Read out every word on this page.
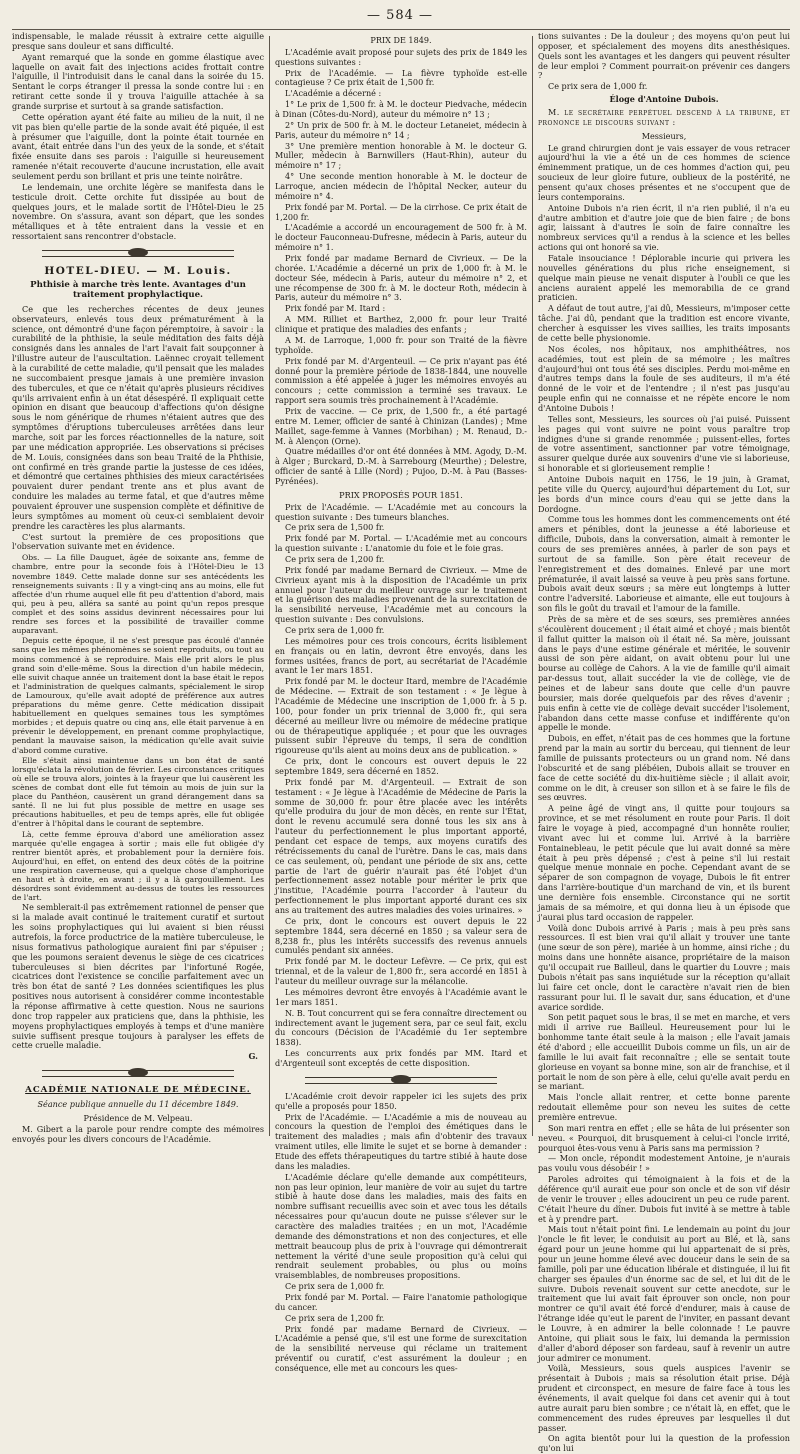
— 584 —

indispensable, le malade réussit à extraire cette aiguille presque sans douleur et sans difficulté.

Ayant remarqué que la sonde en gomme élastique avec laquelle on avait fait des injections acides frottait contre l'aiguille, il l'introduisit dans le canal dans la soirée du 15. Sentant le corps étranger il pressa la sonde contre lui : en retirant cette sonde il y trouva l'aiguille attachée à sa grande surprise et surtout à sa grande satisfaction.

Cette opération ayant été faite au milieu de la nuit, il ne vit pas bien qu'elle partie de la sonde avait été piquée, il est à présumer que l'aiguille, dont la pointe était tournée en avant, était entrée dans l'un des yeux de la sonde, et s'était fixée ensuite dans ses parois : l'aiguille si heureusement ramenée n'était recouverte d'aucune incrustation, elle avait seulement perdu son brillant et pris une teinte noirâtre.

Le lendemain, une orchite légère se manifesta dans le testicule droit. Cette orchite fut dissipée au bout de quelques jours, et le malade sortit de l'Hôtel-Dieu le 25 novembre. On s'assura, avant son départ, que les sondes métalliques et à tête entraient dans la vessie et en ressortaient sans rencontrer d'obstacle.

HOTEL-DIEU. — M. Louis.
Phthisie à marche très lente. Avantages d'un traitement prophylactique.

Ce que les recherches récentes de deux jeunes observateurs, enlevés tous deux prématurément à la science, ont démontré d'une façon péremptoire, à savoir : la curabilité de la phthisie, la seule méditation des faits déjà consignés dans les annales de l'art l'avait fait soupçonner à l'illustre auteur de l'auscultation. Laënnec croyait tellement à la curabilité de cette maladie, qu'il pensait que les malades ne succombaient presque jamais à une première invasion des tubercules, et que ce n'était qu'après plusieurs récidives qu'ils arrivaient enfin à un état désespéré. Il expliquait cette opinion en disant que beaucoup d'affections qu'on désigne sous le nom générique de rhumes n'étaient autres que des symptômes d'éruptions tuberculeuses arrêtées dans leur marche, soit par les forces réactionnelles de la nature, soit par une médication appropriée. Les observations si précises de M. Louis, consignées dans son beau Traité de la Phthisie, ont confirmé en très grande partie la justesse de ces idées, et démontré que certaines phthisies des mieux caractérisées pouvaient durer pendant trente ans et plus avant de conduire les malades au terme fatal, et que d'autres même pouvaient éprouver une suspension complète et définitive de leurs symptômes au moment où ceux-ci semblaient devoir prendre les caractères les plus alarmants.

C'est surtout la première de ces propositions que l'observation suivante met en évidence.

Obs. — La fille Dauguet, âgée de soixante ans, femme de chambre, entre pour la seconde fois à l'Hôtel-Dieu le 13 novembre 1849. Cette malade donne sur ses antécédents les renseignements suivants : Il y a vingt-cinq ans au moins, elle fut affectée d'un rhume auquel elle fit peu d'attention d'abord, mais qui, peu à peu, alléra sa santé au point qu'un repos presque complet et des soins assidus devinrent nécessaires pour lui rendre ses forces et la possibilité de travailler comme auparavant.

Depuis cette époque, il ne s'est presque pas écoulé d'année sans que les mêmes phénomènes se soient reproduits, ou tout au moins commencé à se reproduire. Mais elle prit alors le plus grand soin d'elle-même. Sous la direction d'un habile médecin, elle suivit chaque année un traitement dont la base était le repos et l'administration de quelques calmants, spécialement le sirop de Lamouroux, qu'elle avait adopté de préférence aux autres préparations du même genre. Cette médication dissipait habituellement en quelques semaines tous les symptômes morbides ; et depuis quatre ou cinq ans, elle était parvenue à en prévenir le développement, en prenant comme prophylactique, pendant la mauvaise saison, la médication qu'elle avait suivie d'abord comme curative.

Elle s'était ainsi maintenue dans un bon état de santé lorsqu'éclata la révolution de février. Les circonstances critiques où elle se trouva alors, jointes à la frayeur que lui causèrent les scènes de combat dont elle fut témoin au mois de juin sur la place du Panthéon, causèrent un grand dérangement dans sa santé. Il ne lui fut plus possible de mettre en usage ses précautions habituelles, et peu de temps après, elle fut obligée d'entrer à l'hôpital dans le courant de septembre.

Là, cette femme éprouva d'abord une amélioration assez marquée qu'elle engagea à sortir ; mais elle fut obligée d'y rentrer bientôt après, et probablement pour la dernière fois. Aujourd'hui, en effet, on entend des deux côtés de la poitrine une respiration caverneuse, qui a quelque chose d'amphorique en haut et à droite, en avant ; il y a là gargouillement. Les désordres sont évidemment au-dessus de toutes les ressources de l'art.

Ne semblerait-il pas extrêmement rationnel de penser que si la malade avait continué le traitement curatif et surtout les soins prophylactiques qui lui avaient si bien réussi autrefois, la force productrice de la matière tuberculeuse, le nisus formativus pathologique auraient fini par s'épuiser ; que les poumons seraient devenus le siège de ces cicatrices tuberculeuses si bien décrites par l'infortuné Rogée, cicatrices dont l'existence se concilie parfaitement avec un très bon état de santé ? Les données scientifiques les plus positives nous autorisent à considérer comme incontestable la réponse affirmative à cette question. Nous ne saurions donc trop rappeler aux praticiens que, dans la phthisie, les moyens prophylactiques employés à temps et d'une manière suivie suffisent presque toujours à paralyser les effets de cette cruelle maladie.

G.

ACADÉMIE NATIONALE DE MÉDECINE.
Séance publique annuelle du 11 décembre 1849.
Présidence de M. Velpeau.

M. Gibert a la parole pour rendre compte des mémoires envoyés pour les divers concours de l'Académie.

PRIX DE 1849.

L'Académie avait proposé pour sujets des prix de 1849 les questions suivantes :

Prix de l'Académie. — La fièvre typhoïde est-elle contagieuse ? Ce prix était de 1,500 fr.

L'Académie a décerné :

1° Le prix de 1,500 fr. à M. le docteur Piedvache, médecin à Dinan (Côtes-du-Nord), auteur du mémoire n° 13 ;

2° Un prix de 500 fr. à M. le docteur Letaneiet, médecin à Paris, auteur du mémoire n° 14 ;

3° Une première mention honorable à M. le docteur G. Muller, médecin à Barnwillers (Haut-Rhin), auteur du mémoire n° 17 ;

4° Une seconde mention honorable à M. le docteur de Larroque, ancien médecin de l'hôpital Necker, auteur du mémoire n° 4.

Prix fondé par M. Portal. — De la cirrhose. Ce prix était de 1,200 fr.

L'Académie a accordé un encouragement de 500 fr. à M. le docteur Fauconneau-Dufresne, médecin à Paris, auteur du mémoire n° 1.

Prix fondé par madame Bernard de Civrieux. — De la chorée. L'Académie a décerné un prix de 1,000 fr. à M. le docteur Sée, médecin à Paris, auteur du mémoire n° 2, et une récompense de 300 fr. à M. le docteur Roth, médecin à Paris, auteur du mémoire n° 3.

Prix fondé par M. Itard :

A MM. Rilliet et Barthez, 2,000 fr. pour leur Traité clinique et pratique des maladies des enfants ;

A M. de Larroque, 1,000 fr. pour son Traité de la fièvre typhoïde.

Prix fondé par M. d'Argenteuil. — Ce prix n'ayant pas été donné pour la première période de 1838-1844, une nouvelle commission a été appelée à juger les mémoires envoyés au concours ; cette commission a terminé ses travaux. Le rapport sera soumis très prochainement à l'Académie.

Prix de vaccine. — Ce prix, de 1,500 fr., a été partagé entre M. Lemer, officier de santé à Chinizan (Landes) ; Mme Maillet, sage-femme à Vannes (Morbihan) ; M. Renaud, D.-M. à Alençon (Orne).

Quatre médailles d'or ont été données à MM. Agody, D.-M. à Alger ; Burckard, D.-M. à Sarrebourg (Meurthe) ; Delestre, officier de santé à Lille (Nord) ; Pujoo, D.-M. à Pau (Basses-Pyrénées).

PRIX PROPOSÉS POUR 1851.

Prix de l'Académie. — L'Académie met au concours la question suivante : Des tumeurs blanches.

Ce prix sera de 1,500 fr.

Prix fondé par M. Portal. — L'Académie met au concours la question suivante : L'anatomie du foie et le foie gras.

Ce prix sera de 1,200 fr.

Prix fondé par madame Bernard de Civrieux. — Mme de Civrieux ayant mis à la disposition de l'Académie un prix annuel pour l'auteur du meilleur ouvrage sur le traitement et la guérison des maladies provenant de la surexcitation de la sensibilité nerveuse, l'Académie met au concours la question suivante : Des convulsions.

Ce prix sera de 1,000 fr.

Les mémoires pour ces trois concours, écrits lisiblement en français ou en latin, devront être envoyés, dans les formes usitées, francs de port, au secrétariat de l'Académie avant le 1er mars 1851.

Prix fondé par M. le docteur Itard, membre de l'Académie de Médecine. — Extrait de son testament : « Je lègue à l'Académie de Médecine une inscription de 1,000 fr. à 5 p. 100, pour fonder un prix triennal de 3,000 fr., qui sera décerné au meilleur livre ou mémoire de médecine pratique ou de thérapeutique appliquée ; et pour que les ouvrages puissent subir l'épreuve du temps, il sera de condition rigoureuse qu'ils aient au moins deux ans de publication. »

Ce prix, dont le concours est ouvert depuis le 22 septembre 1849, sera décerné en 1852.

Prix fondé par M. d'Argenteuil. — Extrait de son testament : « Je lègue à l'Académie de Médecine de Paris la somme de 30,000 fr. pour être placée avec les intérêts qu'elle produira du jour de mon décès, en rente sur l'État, dont le revenu accumulé sera donné tous les six ans à l'auteur du perfectionnement le plus important apporté, pendant cet espace de temps, aux moyens curatifs des rétrécissements du canal de l'urètre. Dans le cas, mais dans ce cas seulement, où, pendant une période de six ans, cette partie de l'art de guérir n'aurait pas été l'objet d'un perfectionnement assez notable pour mériter le prix que j'institue, l'Académie pourra l'accorder à l'auteur du perfectionnement le plus important apporté durant ces six ans au traitement des autres maladies des voies urinaires. »

Ce prix, dont le concours est ouvert depuis le 22 septembre 1844, sera décerné en 1850 ; sa valeur sera de 8,238 fr., plus les intérêts successifs des revenus annuels cumulés pendant six années.

Prix fondé par M. le docteur Lefèvre. — Ce prix, qui est triennal, et de la valeur de 1,800 fr., sera accordé en 1851 à l'auteur du meilleur ouvrage sur la mélancolie.

Les mémoires devront être envoyés à l'Académie avant le 1er mars 1851.

N. B. Tout concurrent qui se fera connaître directement ou indirectement avant le jugement sera, par ce seul fait, exclu du concours (Décision de l'Académie du 1er septembre 1838).

Les concurrents aux prix fondés par MM. Itard et d'Argenteuil sont exceptés de cette disposition.

L'Académie croit devoir rappeler ici les sujets des prix qu'elle a proposés pour 1850.

Prix de l'Académie. — L'Académie a mis de nouveau au concours la question de l'emploi des émétiques dans le traitement des maladies ; mais afin d'obtenir des travaux vraiment utiles, elle limite le sujet et se borne à demander : Etude des effets thérapeutiques du tartre stibié à haute dose dans les maladies.

L'Académie déclare qu'elle demande aux compétiteurs, non pas leur opinion, leur manière de voir au sujet du tartre stibié à haute dose dans les maladies, mais des faits en nombre suffisant recueillis avec soin et avec tous les détails nécessaires pour qu'aucun doute ne puisse s'élever sur le caractère des maladies traitées ; en un mot, l'Académie demande des démonstrations et non des conjectures, et elle mettrait beaucoup plus de prix à l'ouvrage qui démontrerait nettement la vérité d'une seule proposition qu'à celui qui rendrait seulement probables, ou plus ou moins vraisemblables, de nombreuses propositions.

Ce prix sera de 1,000 fr.

Prix fondé par M. Portal. — Faire l'anatomie pathologique du cancer.

Ce prix sera de 1,200 fr.

Prix fondé par madame Bernard de Civrieux. — L'Académie a pensé que, s'il est une forme de surexcitation de la sensibilité nerveuse qui réclame un traitement préventif ou curatif, c'est assurément la douleur ; en conséquence, elle met au concours les ques-

tions suivantes : De la douleur ; des moyens qu'on peut lui opposer, et spécialement des moyens dits anesthésiques. Quels sont les avantages et les dangers qui peuvent résulter de leur emploi ? Comment pourrait-on prévenir ces dangers ?

Ce prix sera de 1,000 fr.

Éloge d'Antoine Dubois.

M. le secrétaire perpétuel descend à la tribune, et prononce le discours suivant :

Messieurs,

Le grand chirurgien dont je vais essayer de vous retracer aujourd'hui la vie a été un de ces hommes de science éminemment pratique, un de ces hommes d'action qui, peu soucieux de leur gloire future, oublieux de la postérité, ne pensent qu'aux choses présentes et ne s'occupent que de leurs contemporains.

Antoine Dubois n'a rien écrit, il n'a rien publié, il n'a eu d'autre ambition et d'autre joie que de bien faire ; de bons agir, laissant à d'autres le soin de faire connaître les nombreux services qu'il a rendus à la science et les belles actions qui ont honoré sa vie.

Fatale insouciance ! Déplorable incurie qui privera les nouvelles générations du plus riche enseignement, si quelque main pieuse ne venait disputer à l'oubli ce que les anciens auraient appelé les memorabilia de ce grand praticien.

A défaut de tout autre, j'ai dû, Messieurs, m'imposer cette tâche. J'ai dû, pendant que la tradition est encore vivante, chercher à esquisser les vives saillies, les traits imposants de cette belle physionomie.

Nos écoles, nos hôpitaux, nos amphithéâtres, nos académies, tout est plein de sa mémoire ; les maîtres d'aujourd'hui ont tous été ses disciples. Perdu moi-même en d'autres temps dans la foule de ses auditeurs, il m'a été donné de le voir et de l'entendre ; il n'est pas jusqu'au peuple enfin qui ne connaisse et ne répète encore le nom d'Antoine Dubois !

Telles sont, Messieurs, les sources où j'ai puisé. Puissent les pages qui vont suivre ne point vous paraître trop indignes d'une si grande renommée ; puissent-elles, fortes de votre assentiment, sanctionner par votre témoignage, assurer quelque durée aux souvenirs d'une vie si laborieuse, si honorable et si glorieusement remplie !

Antoine Dubois naquit en 1756, le 19 juin, à Gramat, petite ville du Quercy, aujourd'hui département du Lot, sur les bords d'un mince cours d'eau qui se jette dans la Dordogne.

Comme tous les hommes dont les commencements ont été amers et pénibles, dont la jeunesse a été laborieuse et difficile, Dubois, dans la conversation, aimait à remonter le cours de ses premières années, à parler de son pays et surtout de sa famille. Son père était receveur de l'enregistrement et des domaines. Enlevé par une mort prématurée, il avait laissé sa veuve à peu près sans fortune. Dubois avait deux sœurs ; sa mère eut longtemps à lutter contre l'adversité. Laborieuse et aimante, elle eut toujours à son fils le goût du travail et l'amour de la famille.

Près de sa mère et de ses sœurs, ses premières années s'écoulèrent doucement ; il était aimé et choyé ; mais bientôt il fallut quitter la maison où il était né. Sa mère, jouissant dans le pays d'une estime générale et méritée, le souvenir aussi de son père aidant, on avait obtenu pour lui une bourse au collège de Cahors. A la vie de famille qu'il aimait par-dessus tout, allait succéder la vie de collège, vie de peines et de labeur sans doute que celle d'un pauvre boursier, mais dorée quelquefois par des rêves d'avenir ; puis enfin à cette vie de collège devait succéder l'isolement, l'abandon dans cette masse confuse et indifférente qu'on appelle le monde.

Dubois, en effet, n'était pas de ces hommes que la fortune prend par la main au sortir du berceau, qui tiennent de leur famille de puissants protecteurs ou un grand nom. Né dans l'obscurité et de sang plébéien, Dubois allait se trouver en face de cette société du dix-huitième siècle ; il allait avoir, comme on le dit, à creuser son sillon et à se faire le fils de ses œuvres.

A peine âgé de vingt ans, il quitte pour toujours sa province, et se met résolument en route pour Paris. Il doit faire le voyage à pied, accompagné d'un honnête roulier, vivant avec lui et comme lui. Arrivé à la barrière Fontainebleau, le petit pécule que lui avait donné sa mère était à peu près dépensé ; c'est à peine s'il lui restait quelque menue monnaie en poche. Cependant avant de se séparer de son compagnon de voyage, Dubois le fit entrer dans l'arrière-boutique d'un marchand de vin, et ils burent une dernière fois ensemble. Circonstance qui ne sortit jamais de sa mémoire, et qui donna lieu à un épisode que j'aurai plus tard occasion de rappeler.

Voilà donc Dubois arrivé à Paris ; mais à peu près sans ressources. Il est bien vrai qu'il allait y trouver une tante (une sœur de son père), mariée à un homme, ainsi riche ; du moins dans une honnête aisance, propriétaire de la maison qu'il occupait rue Bailleul, dans le quartier du Louvre ; mais Dubois n'était pas sans inquiétude sur la réception qu'allait lui faire cet oncle, dont le caractère n'avait rien de bien rassurant pour lui. Il le savait dur, sans éducation, et d'une avarice sordide.

Son petit paquet sous le bras, il se met en marche, et vers midi il arrive rue Bailleul. Heureusement pour lui le bonhomme tante était seule à la maison ; elle l'avait jamais été d'abord ; elle accueillit Dubois comme un fils, un air de famille le lui avait fait reconnaître ; elle se sentait toute glorieuse en voyant sa bonne mine, son air de franchise, et il portait le nom de son père à elle, celui qu'elle avait perdu en se mariant.

Mais l'oncle allait rentrer, et cette bonne parente redoutait ellemême pour son neveu les suites de cette première entrevue.

Son mari rentra en effet ; elle se hâta de lui présenter son neveu. « Pourquoi, dit brusquement à celui-ci l'oncle irrité, pourquoi êtes-vous venu à Paris sans ma permission ?

— Mon oncle, répondit modestement Antoine, je n'aurais pas voulu vous désobéir ! »

Paroles adroites qui témoignaient à la fois et de la déférence qu'il aurait eue pour son oncle et de son vif désir de venir le trouver ; elles adoucirent un peu ce rude parent. C'était l'heure du dîner. Dubois fut invité à se mettre à table et à y prendre part.

Mais tout n'était point fini. Le lendemain au point du jour l'oncle le fit lever, le conduisit au port au Blé, et là, sans égard pour un jeune homme qui lui appartenait de si près, pour un jeune homme élevé avec douceur dans le sein de sa famille, poli par une éducation libérale et distinguée, il lui fit charger ses épaules d'un énorme sac de sel, et lui dit de le suivre. Dubois revenait souvent sur cette anecdote, sur le traitement que lui avait fait éprouver son oncle, non pour montrer ce qu'il avait été forcé d'endurer, mais à cause de l'étrange idée qu'eut le parent de l'inviter, en passant devant le Louvre, à en admirer la belle colonnade ! Le pauvre Antoine, qui pliait sous le faix, lui demanda la permission d'aller d'abord déposer son fardeau, sauf à revenir un autre jour admirer ce monument.

Voilà, Messieurs, sous quels auspices l'avenir se présentait à Dubois ; mais sa résolution était prise. Déjà prudent et circonspect, en mesure de faire face à tous les événements, il avait quelque foi dans cet avenir qui à tout autre aurait paru bien sombre ; ce n'était là, en effet, que le commencement des rudes épreuves par lesquelles il dut passer.

On agita bientôt pour lui la question de la profession qu'on lui
